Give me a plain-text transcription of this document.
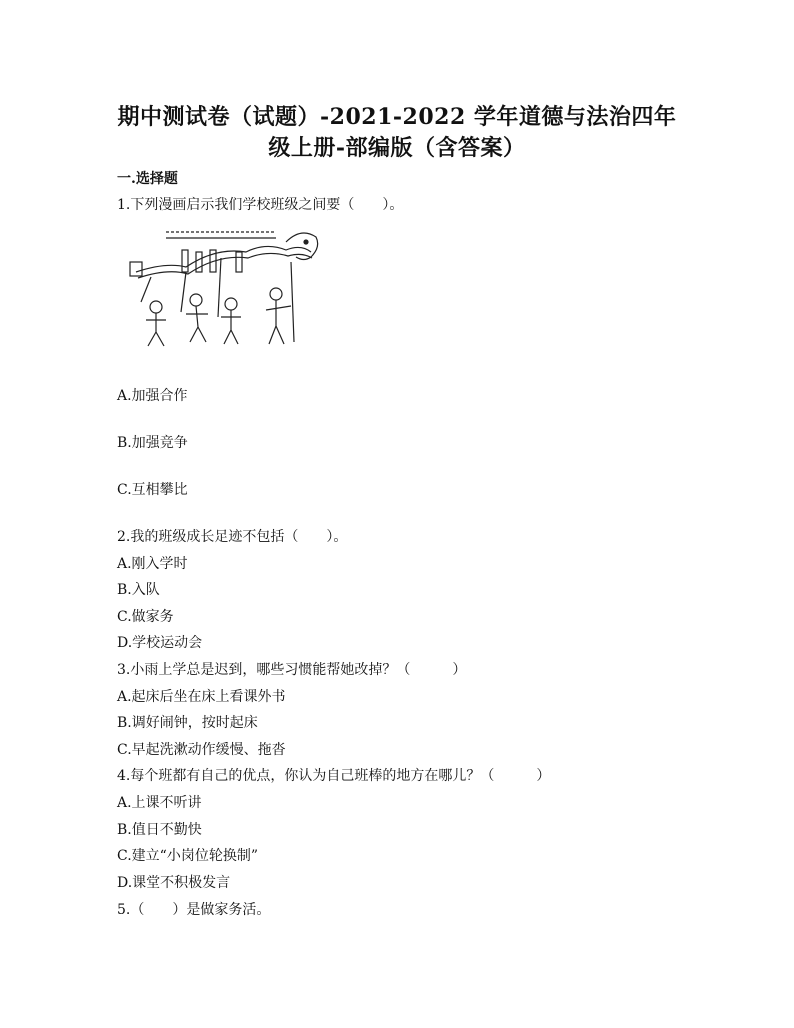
期中测试卷（试题）-2021-2022 学年道德与法治四年
级上册-部编版（含答案）
一.选择题
1.下列漫画启示我们学校班级之间要（　　）。
A.加强合作
B.加强竞争
C.互相攀比
2.我的班级成长足迹不包括（　　）。
A.刚入学时
B.入队
C.做家务
D.学校运动会
3.小雨上学总是迟到，哪些习惯能帮她改掉？（　　　）
A.起床后坐在床上看课外书
B.调好闹钟，按时起床
C.早起洗漱动作缓慢、拖沓
4.每个班都有自己的优点，你认为自己班棒的地方在哪儿？（　　　）
A.上课不听讲
B.值日不勤快
C.建立“小岗位轮换制”
D.课堂不积极发言
5.（　　）是做家务活。
